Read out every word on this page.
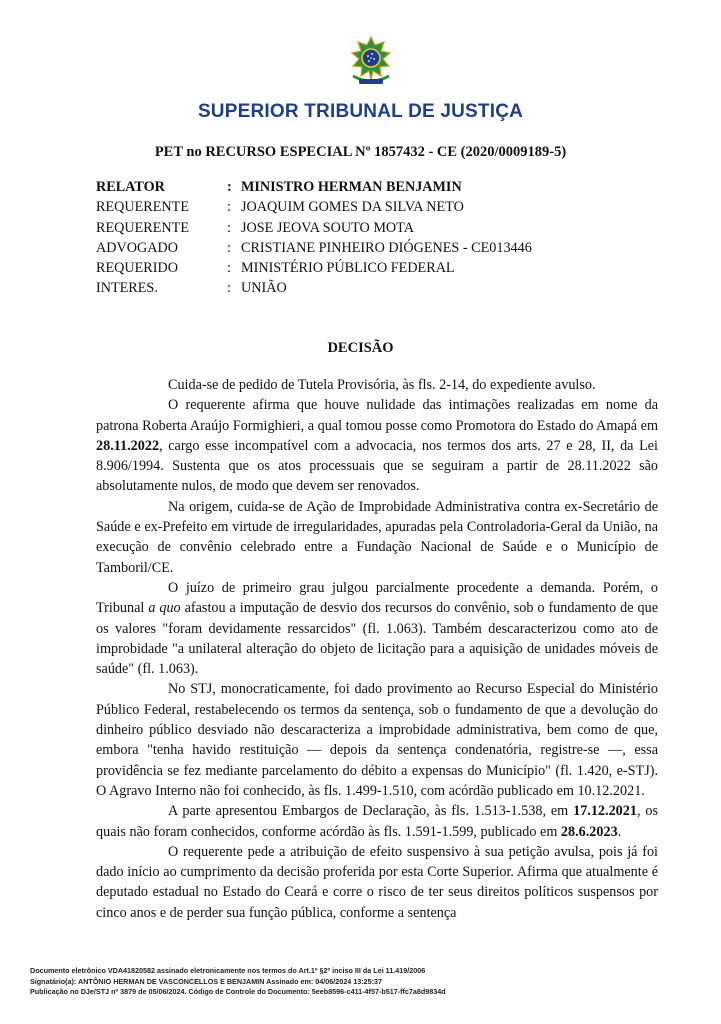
SUPERIOR TRIBUNAL DE JUSTIÇA
PET no RECURSO ESPECIAL Nº 1857432 - CE (2020/0009189-5)
RELATOR	: MINISTRO HERMAN BENJAMIN
REQUERENTE	: JOAQUIM GOMES DA SILVA NETO
REQUERENTE	: JOSE JEOVA SOUTO MOTA
ADVOGADO	: CRISTIANE PINHEIRO DIÓGENES - CE013446
REQUERIDO	: MINISTÉRIO PÚBLICO FEDERAL
INTERES.	: UNIÃO
DECISÃO

Cuida-se de pedido de Tutela Provisória, às fls. 2-14, do expediente avulso.

O requerente afirma que houve nulidade das intimações realizadas em nome da patrona Roberta Araújo Formighieri, a qual tomou posse como Promotora do Estado do Amapá em 28.11.2022, cargo esse incompatível com a advocacia, nos termos dos arts. 27 e 28, II, da Lei 8.906/1994. Sustenta que os atos processuais que se seguiram a partir de 28.11.2022 são absolutamente nulos, de modo que devem ser renovados.

Na origem, cuida-se de Ação de Improbidade Administrativa contra ex-Secretário de Saúde e ex-Prefeito em virtude de irregularidades, apuradas pela Controladoria-Geral da União, na execução de convênio celebrado entre a Fundação Nacional de Saúde e o Município de Tamboril/CE.

O juízo de primeiro grau julgou parcialmente procedente a demanda. Porém, o Tribunal a quo afastou a imputação de desvio dos recursos do convênio, sob o fundamento de que os valores "foram devidamente ressarcidos" (fl. 1.063). Também descaracterizou como ato de improbidade "a unilateral alteração do objeto de licitação para a aquisição de unidades móveis de saúde" (fl. 1.063).

No STJ, monocraticamente, foi dado provimento ao Recurso Especial do Ministério Público Federal, restabelecendo os termos da sentença, sob o fundamento de que a devolução do dinheiro público desviado não descaracteriza a improbidade administrativa, bem como de que, embora "tenha havido restituição — depois da sentença condenatória, registre-se —, essa providência se fez mediante parcelamento do débito a expensas do Município" (fl. 1.420, e-STJ). O Agravo Interno não foi conhecido, às fls. 1.499-1.510, com acórdão publicado em 10.12.2021.

A parte apresentou Embargos de Declaração, às fls. 1.513-1.538, em 17.12.2021, os quais não foram conhecidos, conforme acórdão às fls. 1.591-1.599, publicado em 28.6.2023.

O requerente pede a atribuição de efeito suspensivo à sua petição avulsa, pois já foi dado início ao cumprimento da decisão proferida por esta Corte Superior. Afirma que atualmente é deputado estadual no Estado do Ceará e corre o risco de ter seus direitos políticos suspensos por cinco anos e de perder sua função pública, conforme a sentença

Documento eletrônico VDA41820582 assinado eletronicamente nos termos do Art.1º §2º inciso III da Lei 11.419/2006
Signatário(a): ANTÔNIO HERMAN DE VASCONCELLOS E BENJAMIN Assinado em: 04/06/2024 13:25:37
Publicação no DJe/STJ nº 3879 de 05/06/2024. Código de Controle do Documento: 5eeb8596-c411-4f57-b517-ffc7a8d9834d
